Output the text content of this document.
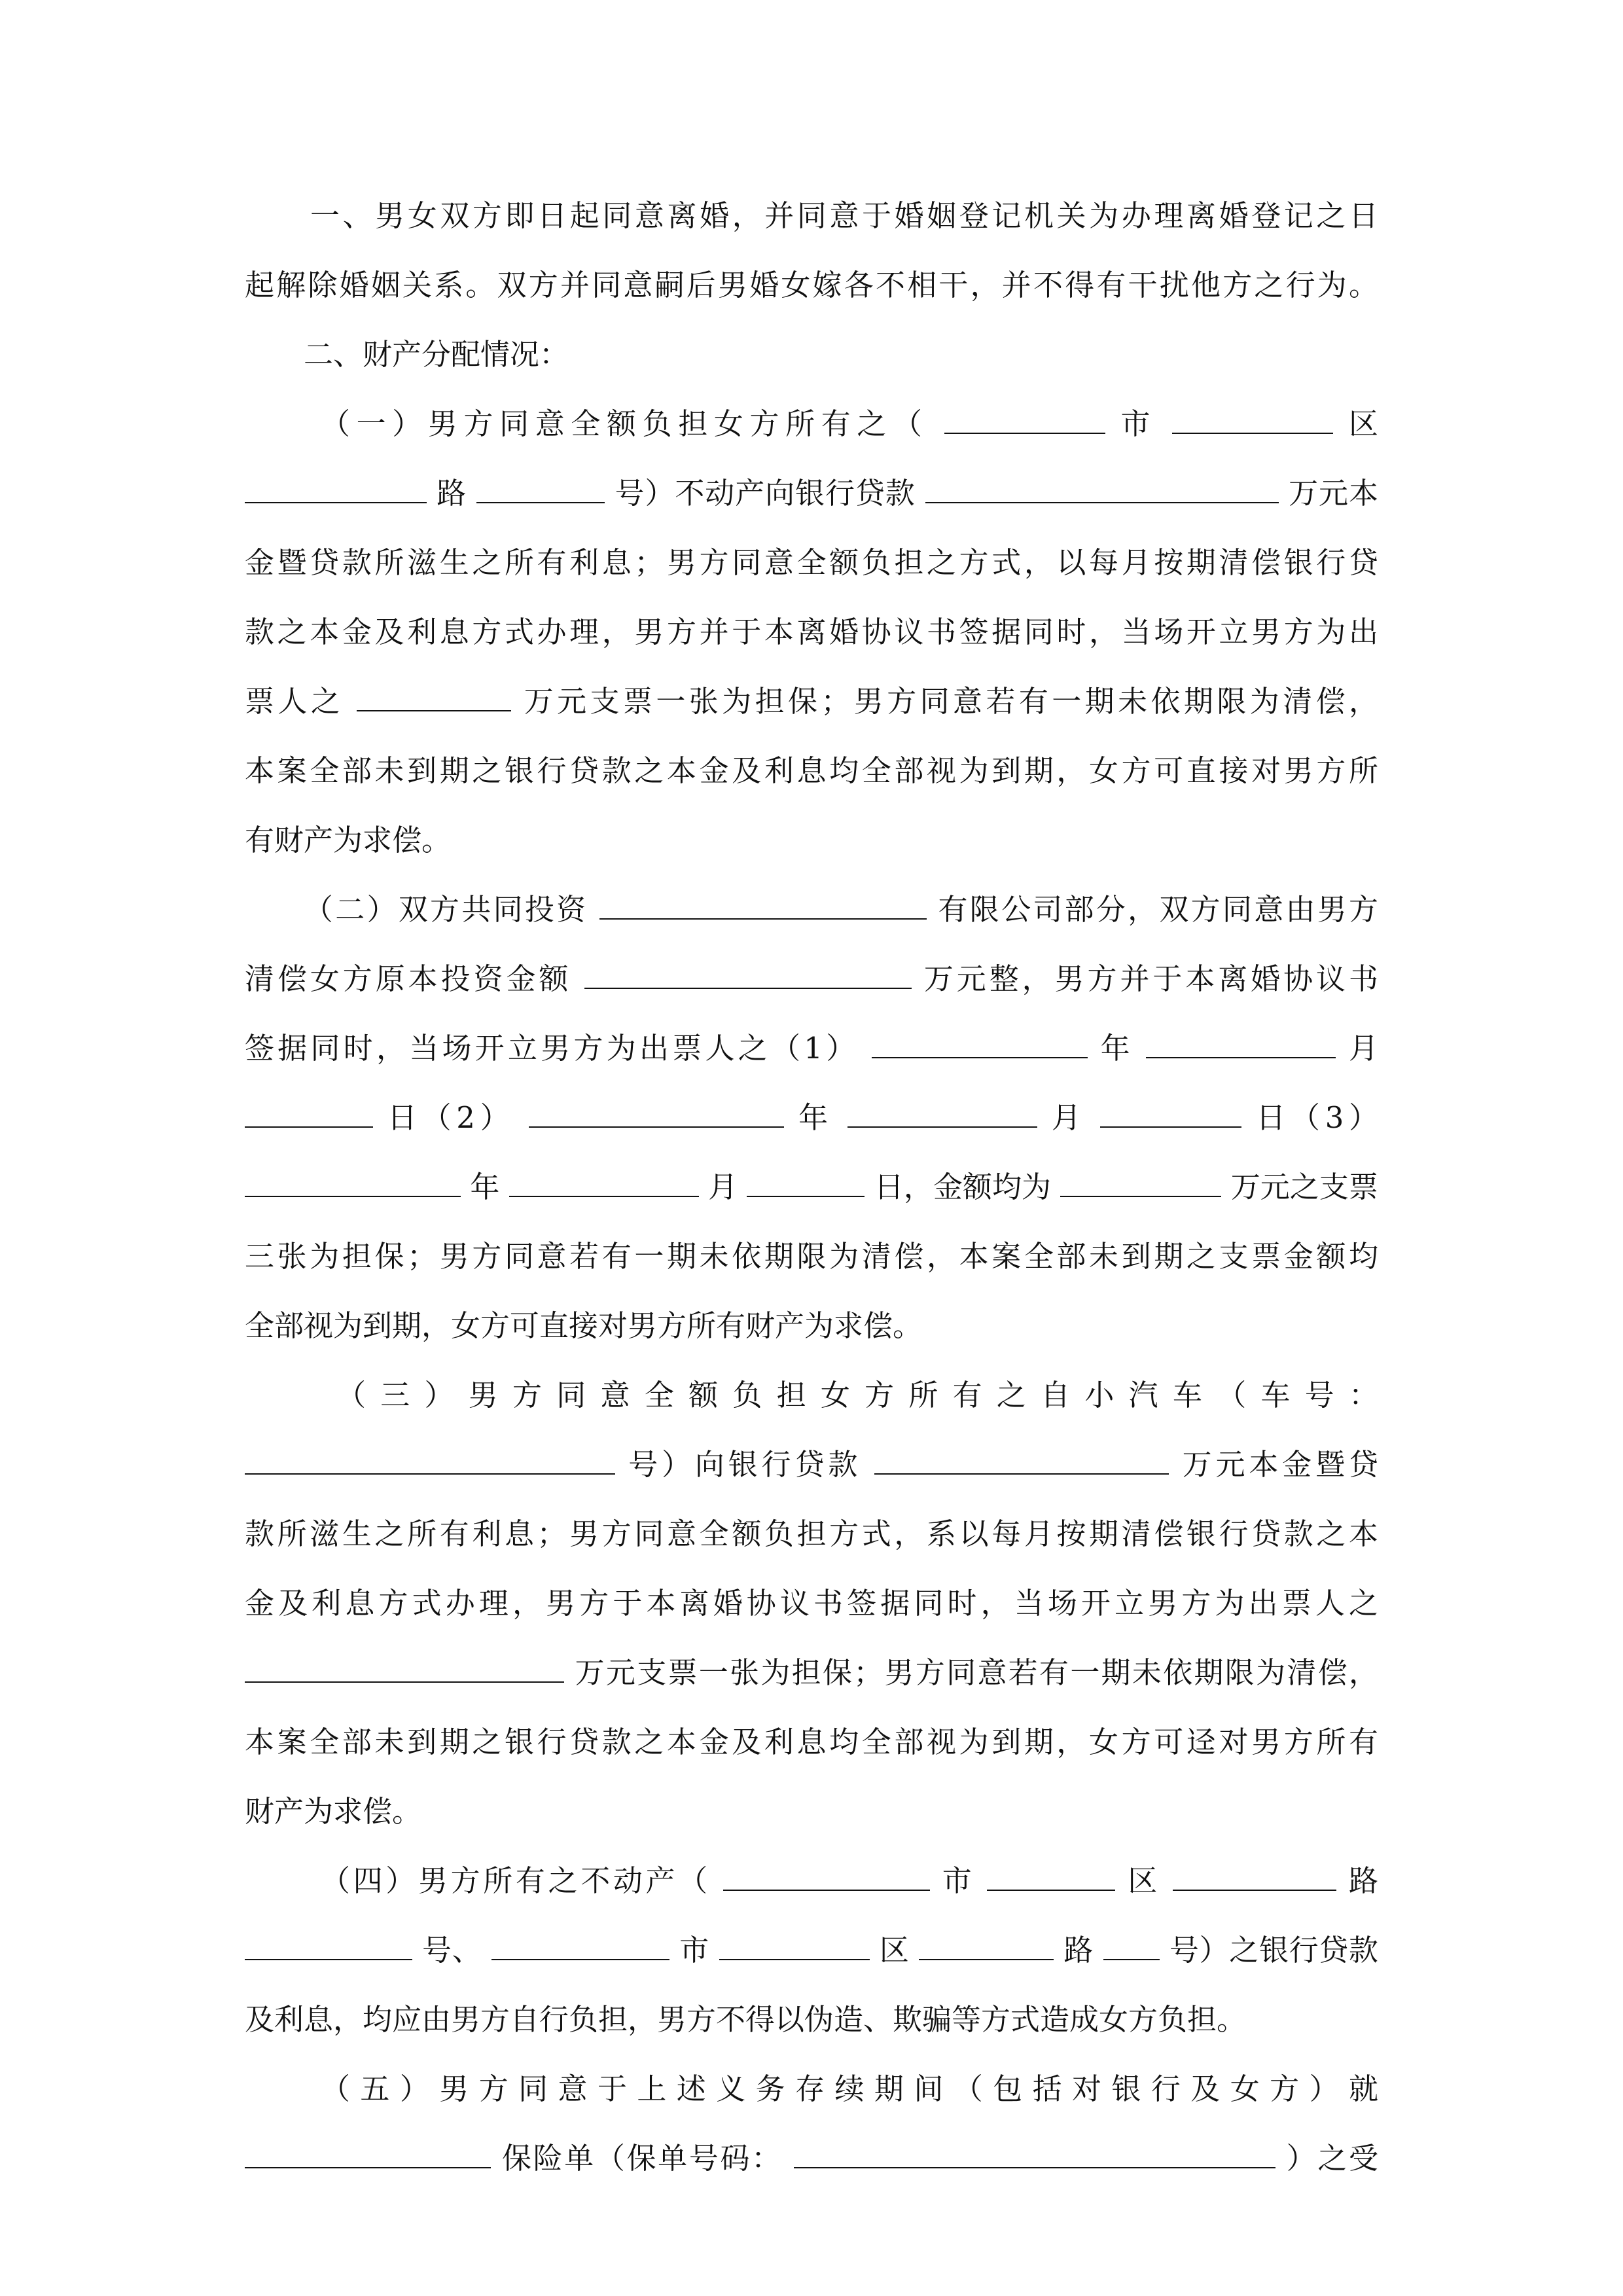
一、男女双方即日起同意离婚，并同意于婚姻登记机关为办理离婚登记之日
起解除婚姻关系。双方并同意嗣后男婚女嫁各不相干，并不得有干扰他方之行为。
二、财产分配情况：
（一）男方同意全额负担女方所有之（	市	区
路	号）不动产向银行贷款	万元本
金暨贷款所滋生之所有利息；男方同意全额负担之方式，以每月按期清偿银行贷
款之本金及利息方式办理，男方并于本离婚协议书签据同时，当场开立男方为出
票人之	万元支票一张为担保；男方同意若有一期未依期限为清偿，
本案全部未到期之银行贷款之本金及利息均全部视为到期，女方可直接对男方所
有财产为求偿。
（二）双方共同投资	有限公司部分，双方同意由男方
清偿女方原本投资金额	万元整，男方并于本离婚协议书
签据同时，当场开立男方为出票人之（1）	年	月
日（2）	年	月	日（3）
年	月	日，金额均为	万元之支票
三张为担保；男方同意若有一期未依期限为清偿，本案全部未到期之支票金额均
全部视为到期，女方可直接对男方所有财产为求偿。
（三）男方同意全额负担女方所有之自小汽车（车号：
号）向银行贷款	万元本金暨贷
款所滋生之所有利息；男方同意全额负担方式，系以每月按期清偿银行贷款之本
金及利息方式办理，男方于本离婚协议书签据同时，当场开立男方为出票人之
万元支票一张为担保；男方同意若有一期未依期限为清偿，
本案全部未到期之银行贷款之本金及利息均全部视为到期，女方可迳对男方所有
财产为求偿。
（四）男方所有之不动产（	市	区	路
号、	市	区	路	号）之银行贷款
及利息，均应由男方自行负担，男方不得以伪造、欺骗等方式造成女方负担。
（五）男方同意于上述义务存续期间（包括对银行及女方）就
保险单（保单号码：	）之受
